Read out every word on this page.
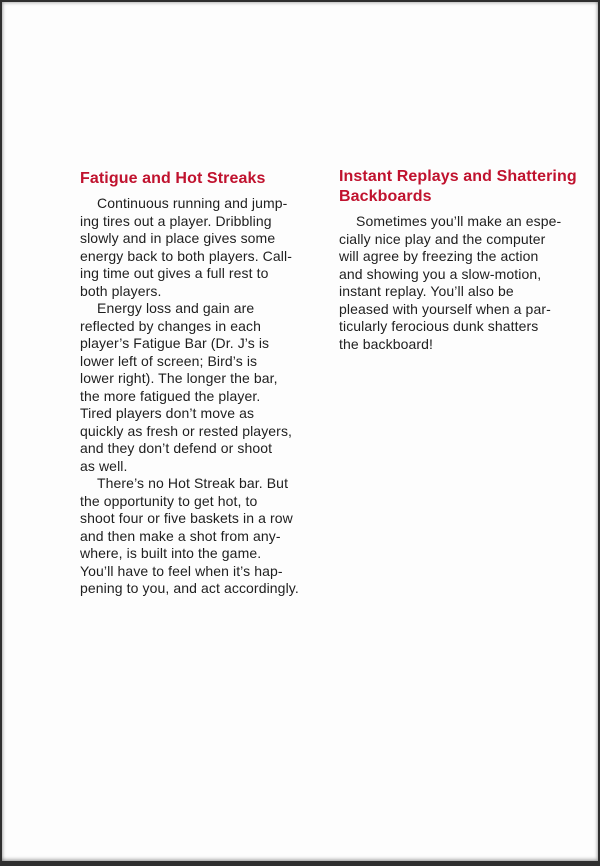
Fatigue and Hot Streaks

Continuous running and jump-
ing tires out a player. Dribbling
slowly and in place gives some
energy back to both players. Call-
ing time out gives a full rest to
both players.

Energy loss and gain are
reflected by changes in each
player’s Fatigue Bar (Dr. J’s is
lower left of screen; Bird’s is
lower right). The longer the bar,
the more fatigued the player.
Tired players don’t move as
quickly as fresh or rested players,
and they don’t defend or shoot
as well.

There’s no Hot Streak bar. But
the opportunity to get hot, to
shoot four or five baskets in a row
and then make a shot from any-
where, is built into the game.
You’ll have to feel when it’s hap-
pening to you, and act accordingly.

Instant Replays and Shattering Backboards

Sometimes you’ll make an espe-
cially nice play and the computer
will agree by freezing the action
and showing you a slow-motion,
instant replay. You’ll also be
pleased with yourself when a par-
ticularly ferocious dunk shatters
the backboard!
